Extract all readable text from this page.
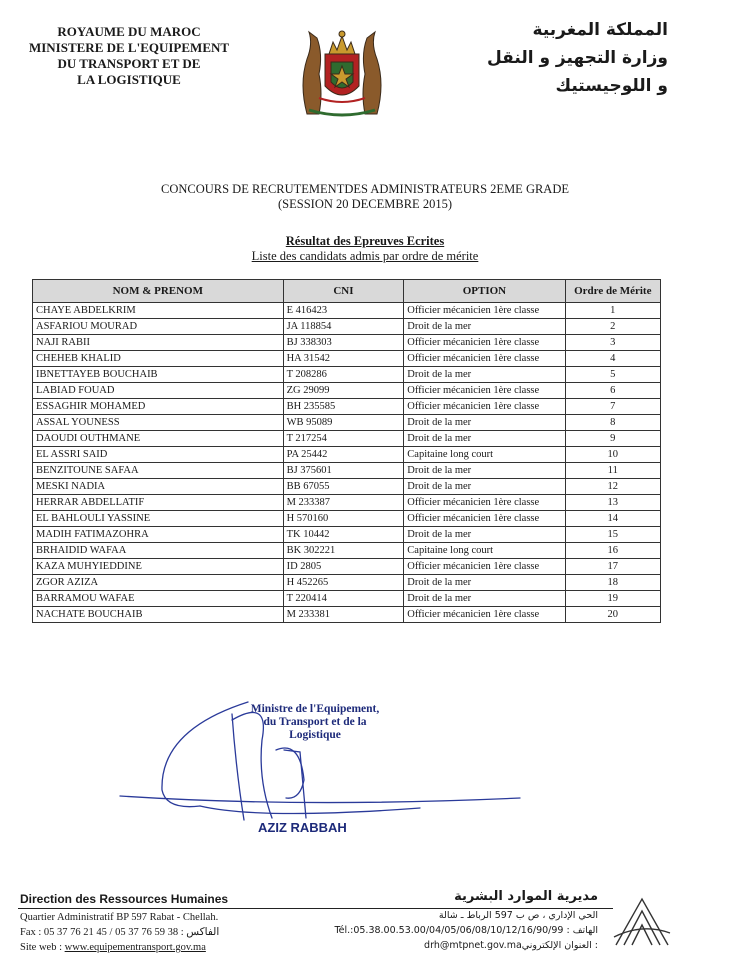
ROYAUME DU MAROC
MINISTERE DE L'EQUIPEMENT
DU TRANSPORT ET DE
LA LOGISTIQUE
المملكة المغربية
وزارة التجهيز و النقل
و اللوجيستيك
CONCOURS DE RECRUTEMENTDES ADMINISTRATEURS 2EME GRADE
(SESSION 20 DECEMBRE 2015)
Résultat des Epreuves Ecrites
Liste des candidats admis par ordre de mérite
NOM & PRENOM	CNI	OPTION	Ordre de Mérite
CHAYE ABDELKRIM	E 416423	Officier mécanicien 1ère classe	1
ASFARIOU MOURAD	JA 118854	Droit de la mer	2
NAJI RABII	BJ 338303	Officier mécanicien 1ère classe	3
CHEHEB KHALID	HA 31542	Officier mécanicien 1ère classe	4
IBNETTAYEB BOUCHAIB	T 208286	Droit de la mer	5
LABIAD FOUAD	ZG 29099	Officier mécanicien 1ère classe	6
ESSAGHIR MOHAMED	BH 235585	Officier mécanicien 1ère classe	7
ASSAL YOUNESS	WB 95089	Droit de la mer	8
DAOUDI OUTHMANE	T 217254	Droit de la mer	9
EL ASSRI SAID	PA 25442	Capitaine long court	10
BENZITOUNE SAFAA	BJ 375601	Droit de la mer	11
MESKI NADIA	BB 67055	Droit de la mer	12
HERRAR ABDELLATIF	M 233387	Officier mécanicien 1ère classe	13
EL BAHLOULI YASSINE	H 570160	Officier mécanicien 1ère classe	14
MADIH FATIMAZOHRA	TK 10442	Droit de la mer	15
BRHAIDID WAFAA	BK 302221	Capitaine long court	16
KAZA MUHYIEDDINE	ID 2805	Officier mécanicien 1ère classe	17
ZGOR AZIZA	H 452265	Droit de la mer	18
BARRAMOU WAFAE	T 220414	Droit de la mer	19
NACHATE BOUCHAIB	M 233381	Officier mécanicien 1ère classe	20
Ministre de l'Equipement,
du Transport et de la
Logistique
AZIZ RABBAH
Direction des Ressources Humaines
Quartier Administratif BP 597 Rabat - Chellah.
Fax : 05 37 76 21 45 / 05 37 76 59 38 : الفاكس
Site web : www.equipementransport.gov.ma
مديرية الموارد البشرية
الحي الإداري ، ص ب 597 الرباط ـ شالة
الهاتف : Tél.:05.38.00.53.00/04/05/06/08/10/12/16/90/99
: العنوان الإلكترونيdrh@mtpnet.gov.ma
